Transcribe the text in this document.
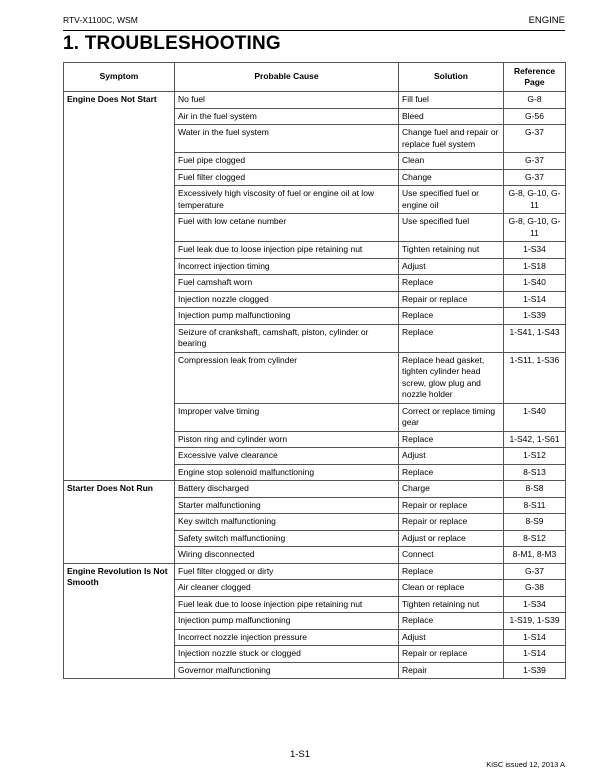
RTV-X1100C, WSM	ENGINE
1. TROUBLESHOOTING
Symptom	Probable Cause	Solution	Reference Page
Engine Does Not Start	No fuel	Fill fuel	G-8
	Air in the fuel system	Bleed	G-56
	Water in the fuel system	Change fuel and repair or replace fuel system	G-37
	Fuel pipe clogged	Clean	G-37
	Fuel filter clogged	Change	G-37
	Excessively high viscosity of fuel or engine oil at low temperature	Use specified fuel or engine oil	G-8, G-10, G-11
	Fuel with low cetane number	Use specified fuel	G-8, G-10, G-11
	Fuel leak due to loose injection pipe retaining nut	Tighten retaining nut	1-S34
	Incorrect injection timing	Adjust	1-S18
	Fuel camshaft worn	Replace	1-S40
	Injection nozzle clogged	Repair or replace	1-S14
	Injection pump malfunctioning	Replace	1-S39
	Seizure of crankshaft, camshaft, piston, cylinder or bearing	Replace	1-S41, 1-S43
	Compression leak from cylinder	Replace head gasket, tighten cylinder head screw, glow plug and nozzle holder	1-S11, 1-S36
	Improper valve timing	Correct or replace timing gear	1-S40
	Piston ring and cylinder worn	Replace	1-S42, 1-S61
	Excessive valve clearance	Adjust	1-S12
	Engine stop solenoid malfunctioning	Replace	8-S13
Starter Does Not Run	Battery discharged	Charge	8-S8
	Starter malfunctioning	Repair or replace	8-S11
	Key switch malfunctioning	Repair or replace	8-S9
	Safety switch malfunctioning	Adjust or replace	8-S12
	Wiring disconnected	Connect	8-M1, 8-M3
Engine Revolution Is Not Smooth	Fuel filter clogged or dirty	Replace	G-37
	Air cleaner clogged	Clean or replace	G-38
	Fuel leak due to loose injection pipe retaining nut	Tighten retaining nut	1-S34
	Injection pump malfunctioning	Replace	1-S19, 1-S39
	Incorrect nozzle injection pressure	Adjust	1-S14
	Injection nozzle stuck or clogged	Repair or replace	1-S14
	Governor malfunctioning	Repair	1-S39
1-S1
KiSC issued 12, 2013 A
